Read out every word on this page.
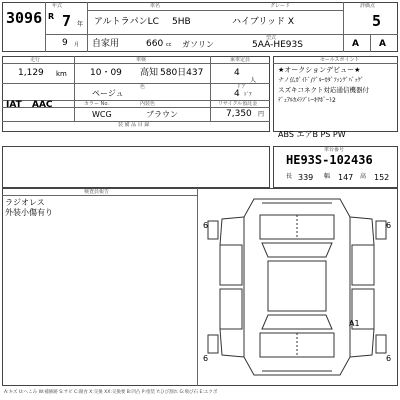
3096
年式
R 7 年
9 月
車名	グレード	評価点
アルトラパンLC 5HB	ハイブリッド X	5
自家用	660 cc ガソリン
型式
5AA-HE93S	A A
走行	車検	乗車定員
1,129 km	10・09 高知 580日437
人
4
色
ページュ
ドア
4 ﾄﾞｱ
IAT AAC	カラー No.	内装色	リサイクル預託金
WCG	ブラウン	7,350 円
装 備 品 目 録
セールスポイント
★オークションデビュー★
ナノ仏ｶﾞｲﾄﾞ/ﾌﾞﾙｰｶﾀﾞﾌｧﾝｸﾞﾊﾞｯｸﾞ
スズキコネクト対応通信機器付
ﾃﾞｭｱﾙｶﾒﾗﾌﾞﾚｰｷｻﾎﾟｰﾄ2
ABS エアB PS PW
車台番号
HE93S-102436
長 339 幅 147 高 152
検査員報告
ラジオレス
外装小傷有り
6	6
6	6
A1
A:キズ U:へこみ W:補修跡 S:サビ C:腐食 X:交換 XX:交換要 B:凹凸 P:塗装 Y:ひび割れ G:飛び石 E:エクボ
